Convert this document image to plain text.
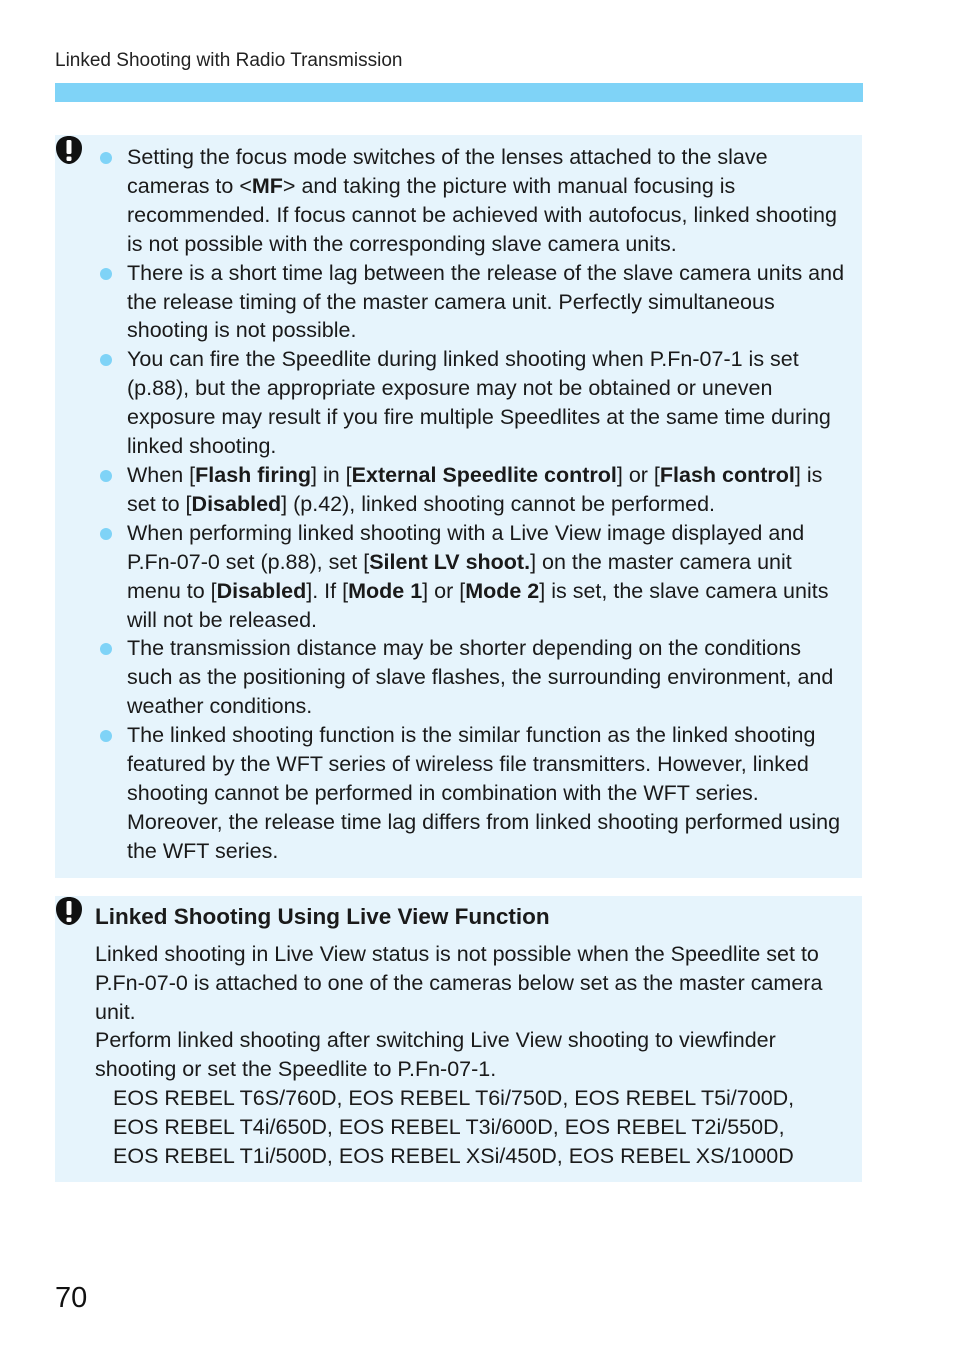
Linked Shooting with Radio Transmission
Setting the focus mode switches of the lenses attached to the slave cameras to <MF> and taking the picture with manual focusing is recommended. If focus cannot be achieved with autofocus, linked shooting is not possible with the corresponding slave camera units.
There is a short time lag between the release of the slave camera units and the release timing of the master camera unit. Perfectly simultaneous shooting is not possible.
You can fire the Speedlite during linked shooting when P.Fn-07-1 is set (p.88), but the appropriate exposure may not be obtained or uneven exposure may result if you fire multiple Speedlites at the same time during linked shooting.
When [Flash firing] in [External Speedlite control] or [Flash control] is set to [Disabled] (p.42), linked shooting cannot be performed.
When performing linked shooting with a Live View image displayed and P.Fn-07-0 set (p.88), set [Silent LV shoot.] on the master camera unit menu to [Disabled]. If [Mode 1] or [Mode 2] is set, the slave camera units will not be released.
The transmission distance may be shorter depending on the conditions such as the positioning of slave flashes, the surrounding environment, and weather conditions.
The linked shooting function is the similar function as the linked shooting featured by the WFT series of wireless file transmitters. However, linked shooting cannot be performed in combination with the WFT series. Moreover, the release time lag differs from linked shooting performed using the WFT series.
Linked Shooting Using Live View Function

Linked shooting in Live View status is not possible when the Speedlite set to P.Fn-07-0 is attached to one of the cameras below set as the master camera unit.

Perform linked shooting after switching Live View shooting to viewfinder shooting or set the Speedlite to P.Fn-07-1.

EOS REBEL T6S/760D, EOS REBEL T6i/750D, EOS REBEL T5i/700D,
EOS REBEL T4i/650D, EOS REBEL T3i/600D, EOS REBEL T2i/550D,
EOS REBEL T1i/500D, EOS REBEL XSi/450D, EOS REBEL XS/1000D
70
